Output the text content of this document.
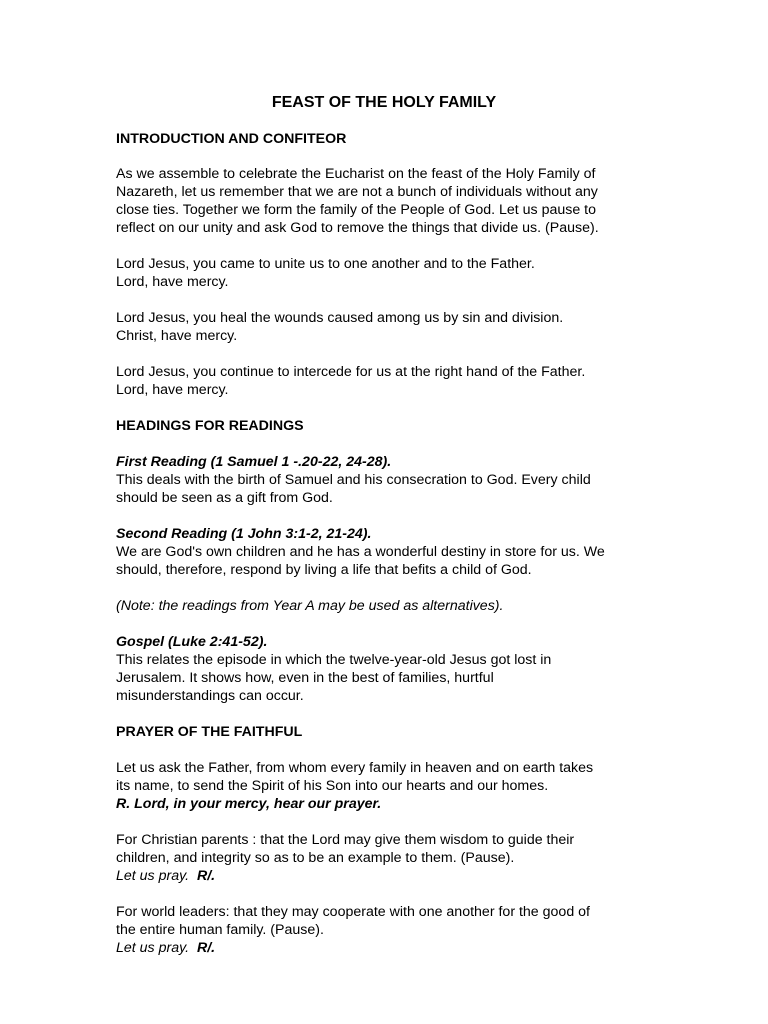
FEAST OF THE HOLY FAMILY
INTRODUCTION AND CONFITEOR

As we assemble to celebrate the Eucharist on the feast of the Holy Family of
Nazareth, let us remember that we are not a bunch of individuals without any
close ties. Together we form the family of the People of God. Let us pause to
reflect on our unity and ask God to remove the things that divide us. (Pause).

Lord Jesus, you came to unite us to one another and to the Father.
Lord, have mercy.

Lord Jesus, you heal the wounds caused among us by sin and division.
Christ, have mercy.

Lord Jesus, you continue to intercede for us at the right hand of the Father.
Lord, have mercy.

HEADINGS FOR READINGS

First Reading (1 Samuel 1 -.20-22, 24-28).
This deals with the birth of Samuel and his consecration to God. Every child
should be seen as a gift from God.

Second Reading (1 John 3:1-2, 21-24).
We are God's own children and he has a wonderful destiny in store for us. We
should, therefore, respond by living a life that befits a child of God.

(Note: the readings from Year A may be used as alternatives).

Gospel (Luke 2:41-52).
This relates the episode in which the twelve-year-old Jesus got lost in
Jerusalem. It shows how, even in the best of families, hurtful
misunderstandings can occur.

PRAYER OF THE FAITHFUL

Let us ask the Father, from whom every family in heaven and on earth takes
its name, to send the Spirit of his Son into our hearts and our homes.
R. Lord, in your mercy, hear our prayer.

For Christian parents : that the Lord may give them wisdom to guide their
children, and integrity so as to be an example to them. (Pause).
Let us pray. R/.

For world leaders: that they may cooperate with one another for the good of
the entire human family. (Pause).
Let us pray. R/.
